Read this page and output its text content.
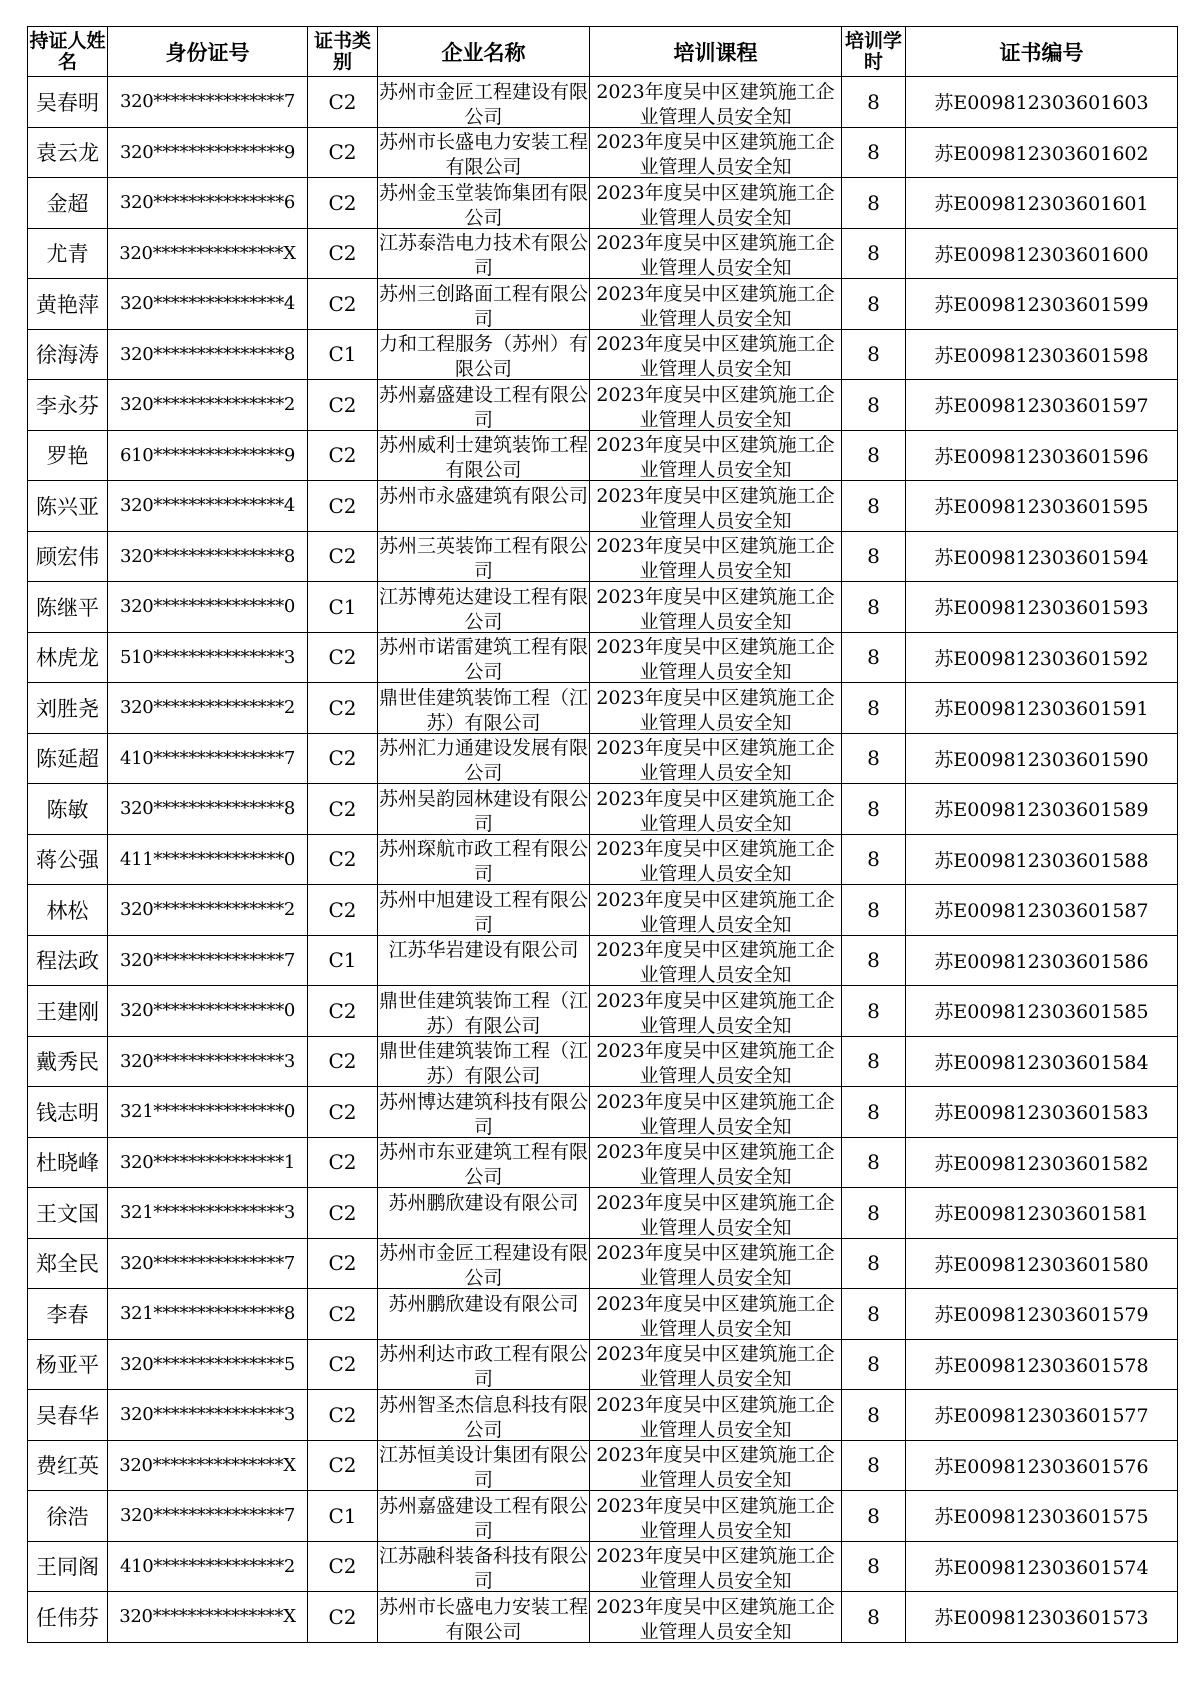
持证人姓名	身份证号	证书类别	企业名称	培训课程	培训学时	证书编号
吴春明	320***************7	C2	苏州市金匠工程建设有限公司	2023年度吴中区建筑施工企业管理人员安全知	8	苏E009812303601603
袁云龙	320***************9	C2	苏州市长盛电力安装工程有限公司	2023年度吴中区建筑施工企业管理人员安全知	8	苏E009812303601602
金超	320***************6	C2	苏州金玉堂装饰集团有限公司	2023年度吴中区建筑施工企业管理人员安全知	8	苏E009812303601601
尤青	320***************X	C2	江苏泰浩电力技术有限公司	2023年度吴中区建筑施工企业管理人员安全知	8	苏E009812303601600
黄艳萍	320***************4	C2	苏州三创路面工程有限公司	2023年度吴中区建筑施工企业管理人员安全知	8	苏E009812303601599
徐海涛	320***************8	C1	力和工程服务（苏州）有限公司	2023年度吴中区建筑施工企业管理人员安全知	8	苏E009812303601598
李永芬	320***************2	C2	苏州嘉盛建设工程有限公司	2023年度吴中区建筑施工企业管理人员安全知	8	苏E009812303601597
罗艳	610***************9	C2	苏州威利士建筑装饰工程有限公司	2023年度吴中区建筑施工企业管理人员安全知	8	苏E009812303601596
陈兴亚	320***************4	C2	苏州市永盛建筑有限公司	2023年度吴中区建筑施工企业管理人员安全知	8	苏E009812303601595
顾宏伟	320***************8	C2	苏州三英装饰工程有限公司	2023年度吴中区建筑施工企业管理人员安全知	8	苏E009812303601594
陈继平	320***************0	C1	江苏博苑达建设工程有限公司	2023年度吴中区建筑施工企业管理人员安全知	8	苏E009812303601593
林虎龙	510***************3	C2	苏州市诺雷建筑工程有限公司	2023年度吴中区建筑施工企业管理人员安全知	8	苏E009812303601592
刘胜尧	320***************2	C2	鼎世佳建筑装饰工程（江苏）有限公司	2023年度吴中区建筑施工企业管理人员安全知	8	苏E009812303601591
陈延超	410***************7	C2	苏州汇力通建设发展有限公司	2023年度吴中区建筑施工企业管理人员安全知	8	苏E009812303601590
陈敏	320***************8	C2	苏州吴韵园林建设有限公司	2023年度吴中区建筑施工企业管理人员安全知	8	苏E009812303601589
蒋公强	411***************0	C2	苏州琛航市政工程有限公司	2023年度吴中区建筑施工企业管理人员安全知	8	苏E009812303601588
林松	320***************2	C2	苏州中旭建设工程有限公司	2023年度吴中区建筑施工企业管理人员安全知	8	苏E009812303601587
程法政	320***************7	C1	江苏华岩建设有限公司	2023年度吴中区建筑施工企业管理人员安全知	8	苏E009812303601586
王建刚	320***************0	C2	鼎世佳建筑装饰工程（江苏）有限公司	2023年度吴中区建筑施工企业管理人员安全知	8	苏E009812303601585
戴秀民	320***************3	C2	鼎世佳建筑装饰工程（江苏）有限公司	2023年度吴中区建筑施工企业管理人员安全知	8	苏E009812303601584
钱志明	321***************0	C2	苏州博达建筑科技有限公司	2023年度吴中区建筑施工企业管理人员安全知	8	苏E009812303601583
杜晓峰	320***************1	C2	苏州市东亚建筑工程有限公司	2023年度吴中区建筑施工企业管理人员安全知	8	苏E009812303601582
王文国	321***************3	C2	苏州鹏欣建设有限公司	2023年度吴中区建筑施工企业管理人员安全知	8	苏E009812303601581
郑全民	320***************7	C2	苏州市金匠工程建设有限公司	2023年度吴中区建筑施工企业管理人员安全知	8	苏E009812303601580
李春	321***************8	C2	苏州鹏欣建设有限公司	2023年度吴中区建筑施工企业管理人员安全知	8	苏E009812303601579
杨亚平	320***************5	C2	苏州利达市政工程有限公司	2023年度吴中区建筑施工企业管理人员安全知	8	苏E009812303601578
吴春华	320***************3	C2	苏州智圣杰信息科技有限公司	2023年度吴中区建筑施工企业管理人员安全知	8	苏E009812303601577
费红英	320***************X	C2	江苏恒美设计集团有限公司	2023年度吴中区建筑施工企业管理人员安全知	8	苏E009812303601576
徐浩	320***************7	C1	苏州嘉盛建设工程有限公司	2023年度吴中区建筑施工企业管理人员安全知	8	苏E009812303601575
王同阁	410***************2	C2	江苏融科装备科技有限公司	2023年度吴中区建筑施工企业管理人员安全知	8	苏E009812303601574
任伟芬	320***************X	C2	苏州市长盛电力安装工程有限公司	2023年度吴中区建筑施工企业管理人员安全知	8	苏E009812303601573
